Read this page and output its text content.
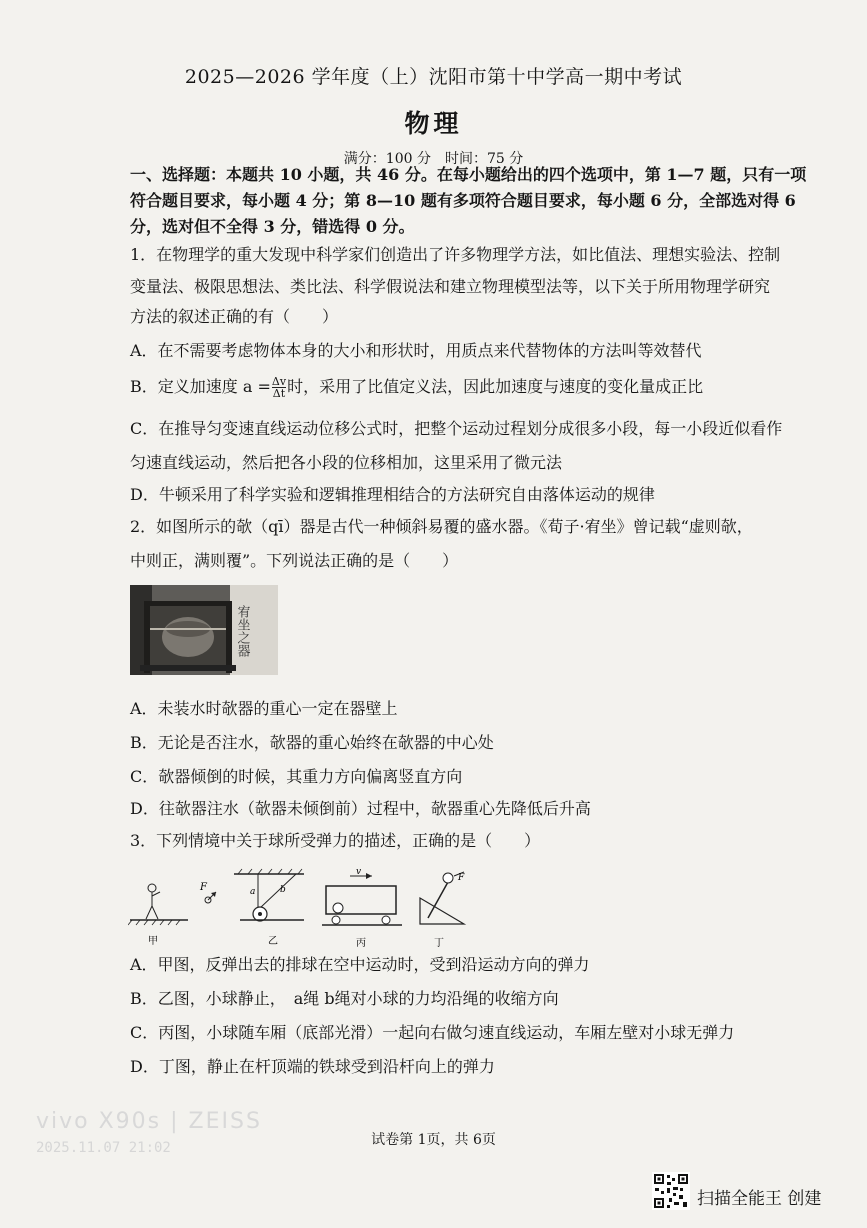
2025—2026 学年度（上）沈阳市第十中学高一期中考试
物理
满分：100 分　时间：75 分
一、选择题：本题共 10 小题，共 46 分。在每小题给出的四个选项中，第 1—7 题，只有一项
符合题目要求，每小题 4 分；第 8—10 题有多项符合题目要求，每小题 6 分，全部选对得 6
分，选对但不全得 3 分，错选得 0 分。
1．在物理学的重大发现中科学家们创造出了许多物理学方法，如比值法、理想实验法、控制
变量法、极限思想法、类比法、科学假说法和建立物理模型法等，以下关于所用物理学研究
方法的叙述正确的有（　　）
A．在不需要考虑物体本身的大小和形状时，用质点来代替物体的方法叫等效替代
B．定义加速度 $a = \frac{\Delta v}{\Delta t}$ 时，采用了比值定义法，因此加速度与速度的变化量成正比
C．在推导匀变速直线运动位移公式时，把整个运动过程划分成很多小段，每一小段近似看作
匀速直线运动，然后把各小段的位移相加，这里采用了微元法
D．牛顿采用了科学实验和逻辑推理相结合的方法研究自由落体运动的规律
2．如图所示的欹（qī）器是古代一种倾斜易覆的盛水器。《荀子·宥坐》曾记载“虚则欹，
中则正，满则覆”。下列说法正确的是（　　）
宥坐之器
A．未装水时欹器的重心一定在器壁上
B．无论是否注水，欹器的重心始终在欹器的中心处
C．欹器倾倒的时候，其重力方向偏离竖直方向
D．往欹器注水（欹器未倾倒前）过程中，欹器重心先降低后升高
3．下列情境中关于球所受弹力的描述，正确的是（　　）
F
甲
a	b
乙
v
丙
F
丁
A．甲图，反弹出去的排球在空中运动时，受到沿运动方向的弹力
B．乙图，小球静止，　a绳 b绳对小球的力均沿绳的收缩方向
C．丙图，小球随车厢（底部光滑）一起向右做匀速直线运动，车厢左壁对小球无弹力
D．丁图，静止在杆顶端的铁球受到沿杆向上的弹力
vivo X90s | ZEISS
2025.11.07 21:02	试卷第 1页，共 6页
扫描全能王 创建
